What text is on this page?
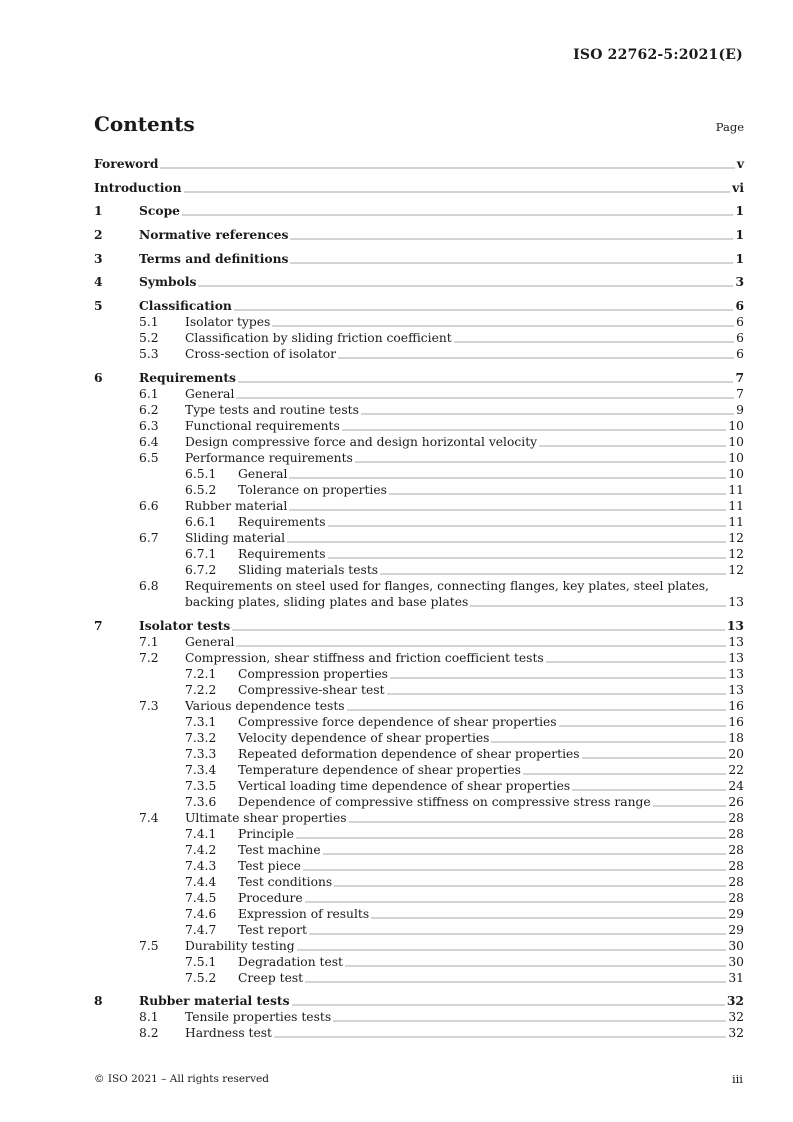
ISO 22762-5:2021(E)
Contents	Page
Foreword	v
Introduction	vi
1	Scope	1
2	Normative references	1
3	Terms and definitions	1
4	Symbols	3
5	Classification	6
5.1	Isolator types	6
5.2	Classification by sliding friction coefficient	6
5.3	Cross-section of isolator	6
6	Requirements	7
6.1	General	7
6.2	Type tests and routine tests	9
6.3	Functional requirements	10
6.4	Design compressive force and design horizontal velocity	10
6.5	Performance requirements	10
6.5.1	General	10
6.5.2	Tolerance on properties	11
6.6	Rubber material	11
6.6.1	Requirements	11
6.7	Sliding material	12
6.7.1	Requirements	12
6.7.2	Sliding materials tests	12
6.8	Requirements on steel used for flanges, connecting flanges, key plates, steel plates,
backing plates, sliding plates and base plates	13
7	Isolator tests	13
7.1	General	13
7.2	Compression, shear stiffness and friction coefficient tests	13
7.2.1	Compression properties	13
7.2.2	Compressive-shear test	13
7.3	Various dependence tests	16
7.3.1	Compressive force dependence of shear properties	16
7.3.2	Velocity dependence of shear properties	18
7.3.3	Repeated deformation dependence of shear properties	20
7.3.4	Temperature dependence of shear properties	22
7.3.5	Vertical loading time dependence of shear properties	24
7.3.6	Dependence of compressive stiffness on compressive stress range	26
7.4	Ultimate shear properties	28
7.4.1	Principle	28
7.4.2	Test machine	28
7.4.3	Test piece	28
7.4.4	Test conditions	28
7.4.5	Procedure	28
7.4.6	Expression of results	29
7.4.7	Test report	29
7.5	Durability testing	30
7.5.1	Degradation test	30
7.5.2	Creep test	31
8	Rubber material tests	32
8.1	Tensile properties tests	32
8.2	Hardness test	32
© ISO 2021 – All rights reserved	iii
